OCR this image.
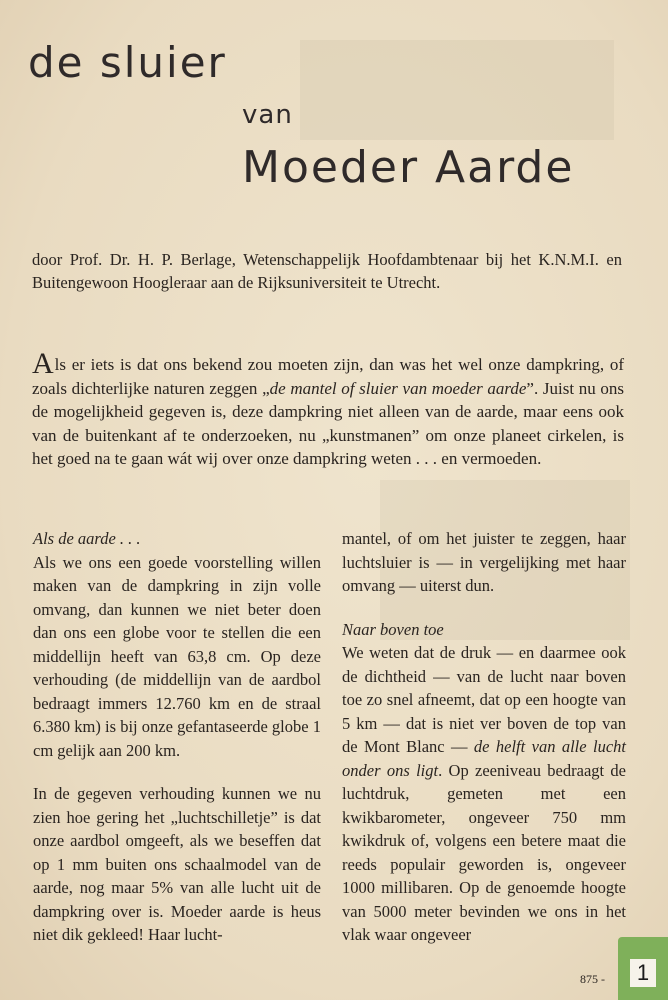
de sluier
van
Moeder Aarde

door Prof. Dr. H. P. Berlage, Wetenschappelijk Hoofdambtenaar bij het K.N.M.I. en Buitengewoon Hoogleraar aan de Rijksuniversiteit te Utrecht.

Als er iets is dat ons bekend zou moeten zijn, dan was het wel onze dampkring, of zoals dichterlijke naturen zeggen „de mantel of sluier van moeder aarde”. Juist nu ons de mogelijkheid gegeven is, deze dampkring niet alleen van de aarde, maar eens ook van de buitenkant af te onderzoeken, nu „kunstmanen” om onze planeet cirkelen, is het goed na te gaan wát wij over onze dampkring weten . . . en vermoeden.

Als de aarde . . .

Als we ons een goede voorstelling willen maken van de dampkring in zijn volle omvang, dan kunnen we niet beter doen dan ons een globe voor te stellen die een middellijn heeft van 63,8 cm. Op deze verhouding (de middellijn van de aardbol bedraagt immers 12.760 km en de straal 6.380 km) is bij onze gefantaseerde globe 1 cm gelijk aan 200 km.

In de gegeven verhouding kunnen we nu zien hoe gering het „luchtschilletje” is dat onze aardbol omgeeft, als we beseffen dat op 1 mm buiten ons schaalmodel van de aarde, nog maar 5% van alle lucht uit de dampkring over is. Moeder aarde is heus niet dik gekleed! Haar lucht-

mantel, of om het juister te zeggen, haar luchtsluier is — in vergelijking met haar omvang — uiterst dun.

Naar boven toe

We weten dat de druk — en daarmee ook de dichtheid — van de lucht naar boven toe zo snel afneemt, dat op een hoogte van 5 km — dat is niet ver boven de top van de Mont Blanc — de helft van alle lucht onder ons ligt. Op zeeniveau bedraagt de luchtdruk, gemeten met een kwikbarometer, ongeveer 750 mm kwikdruk of, volgens een betere maat die reeds populair geworden is, ongeveer 1000 millibaren. Op de genoemde hoogte van 5000 meter bevinden we ons in het vlak waar ongeveer

875 -	1
